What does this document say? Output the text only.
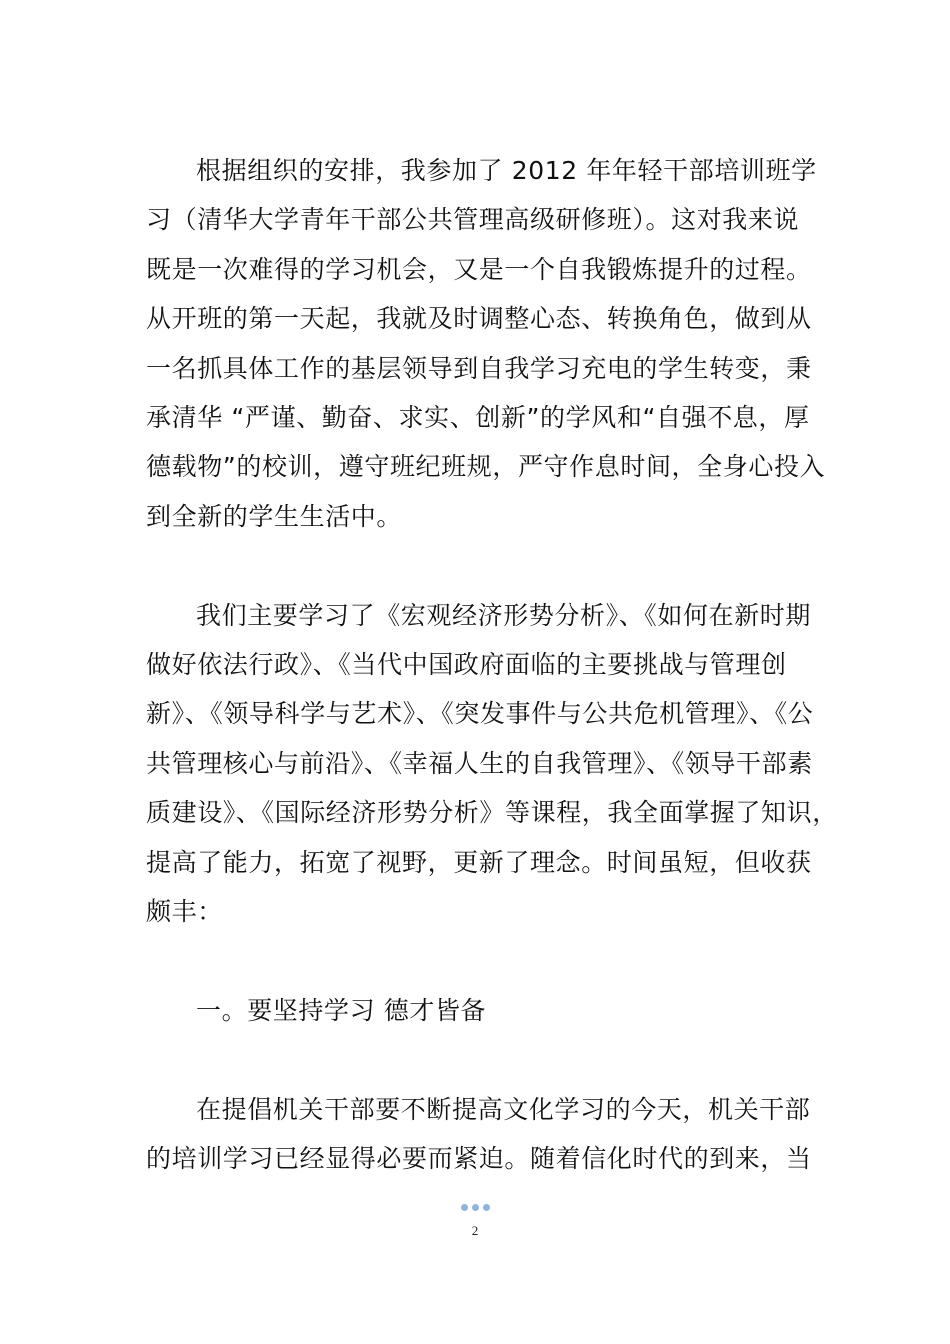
根据组织的安排，我参加了 2012 年年轻干部培训班学
习（清华大学青年干部公共管理高级研修班）。这对我来说
既是一次难得的学习机会，又是一个自我锻炼提升的过程。
从开班的第一天起，我就及时调整心态、转换角色，做到从
一名抓具体工作的基层领导到自我学习充电的学生转变，秉
承清华 “严谨、勤奋、求实、创新”的学风和“自强不息，厚
德载物”的校训，遵守班纪班规，严守作息时间，全身心投入
到全新的学生生活中。

我们主要学习了《宏观经济形势分析》、《如何在新时期
做好依法行政》、《当代中国政府面临的主要挑战与管理创
新》、《领导科学与艺术》、《突发事件与公共危机管理》、《公
共管理核心与前沿》、《幸福人生的自我管理》、《领导干部素
质建设》、《国际经济形势分析》等课程，我全面掌握了知识，
提高了能力，拓宽了视野，更新了理念。时间虽短，但收获
颇丰：

一。要坚持学习 德才皆备

在提倡机关干部要不断提高文化学习的今天，机关干部
的培训学习已经显得必要而紧迫。随着信化时代的到来，当

2
